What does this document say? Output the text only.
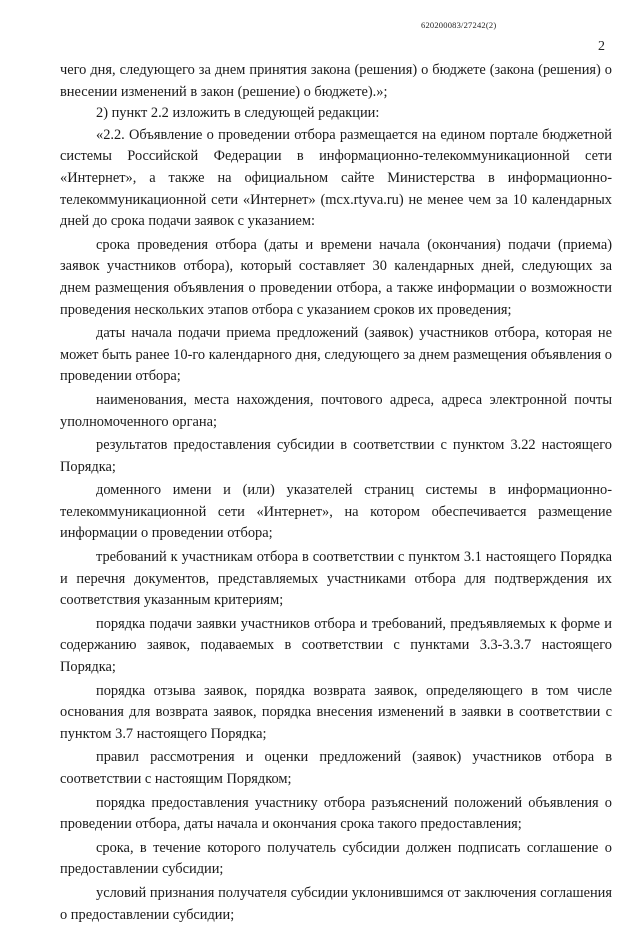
620200083/27242(2)
2

чего дня, следующего за днем принятия закона (решения) о бюджете (закона (решения) о внесении изменений в закон (решение) о бюджете).»;

2) пункт 2.2 изложить в следующей редакции:

«2.2. Объявление о проведении отбора размещается на едином портале бюджетной системы Российской Федерации в информационно-телекоммуникационной сети «Интернет», а также на официальном сайте Министерства в информационно-телекоммуникационной сети «Интернет» (mcx.rtyva.ru) не менее чем за 10 календарных дней до срока подачи заявок с указанием:

срока проведения отбора (даты и времени начала (окончания) подачи (приема) заявок участников отбора), который составляет 30 календарных дней, следующих за днем размещения объявления о проведении отбора, а также информации о возможности проведения нескольких этапов отбора с указанием сроков их проведения;

даты начала подачи приема предложений (заявок) участников отбора, которая не может быть ранее 10-го календарного дня, следующего за днем размещения объявления о проведении отбора;

наименования, места нахождения, почтового адреса, адреса электронной почты уполномоченного органа;

результатов предоставления субсидии в соответствии с пунктом 3.22 настоящего Порядка;

доменного имени и (или) указателей страниц системы в информационно-телекоммуникационной сети «Интернет», на котором обеспечивается размещение информации о проведении отбора;

требований к участникам отбора в соответствии с пунктом 3.1 настоящего Порядка и перечня документов, представляемых участниками отбора для подтверждения их соответствия указанным критериям;

порядка подачи заявки участников отбора и требований, предъявляемых к форме и содержанию заявок, подаваемых в соответствии с пунктами 3.3-3.3.7 настоящего Порядка;

порядка отзыва заявок, порядка возврата заявок, определяющего в том числе основания для возврата заявок, порядка внесения изменений в заявки в соответствии с пунктом 3.7 настоящего Порядка;

правил рассмотрения и оценки предложений (заявок) участников отбора в соответствии с настоящим Порядком;

порядка предоставления участнику отбора разъяснений положений объявления о проведении отбора, даты начала и окончания срока такого предоставления;

срока, в течение которого получатель субсидии должен подписать соглашение о предоставлении субсидии;

условий признания получателя субсидии уклонившимся от заключения соглашения о предоставлении субсидии;
